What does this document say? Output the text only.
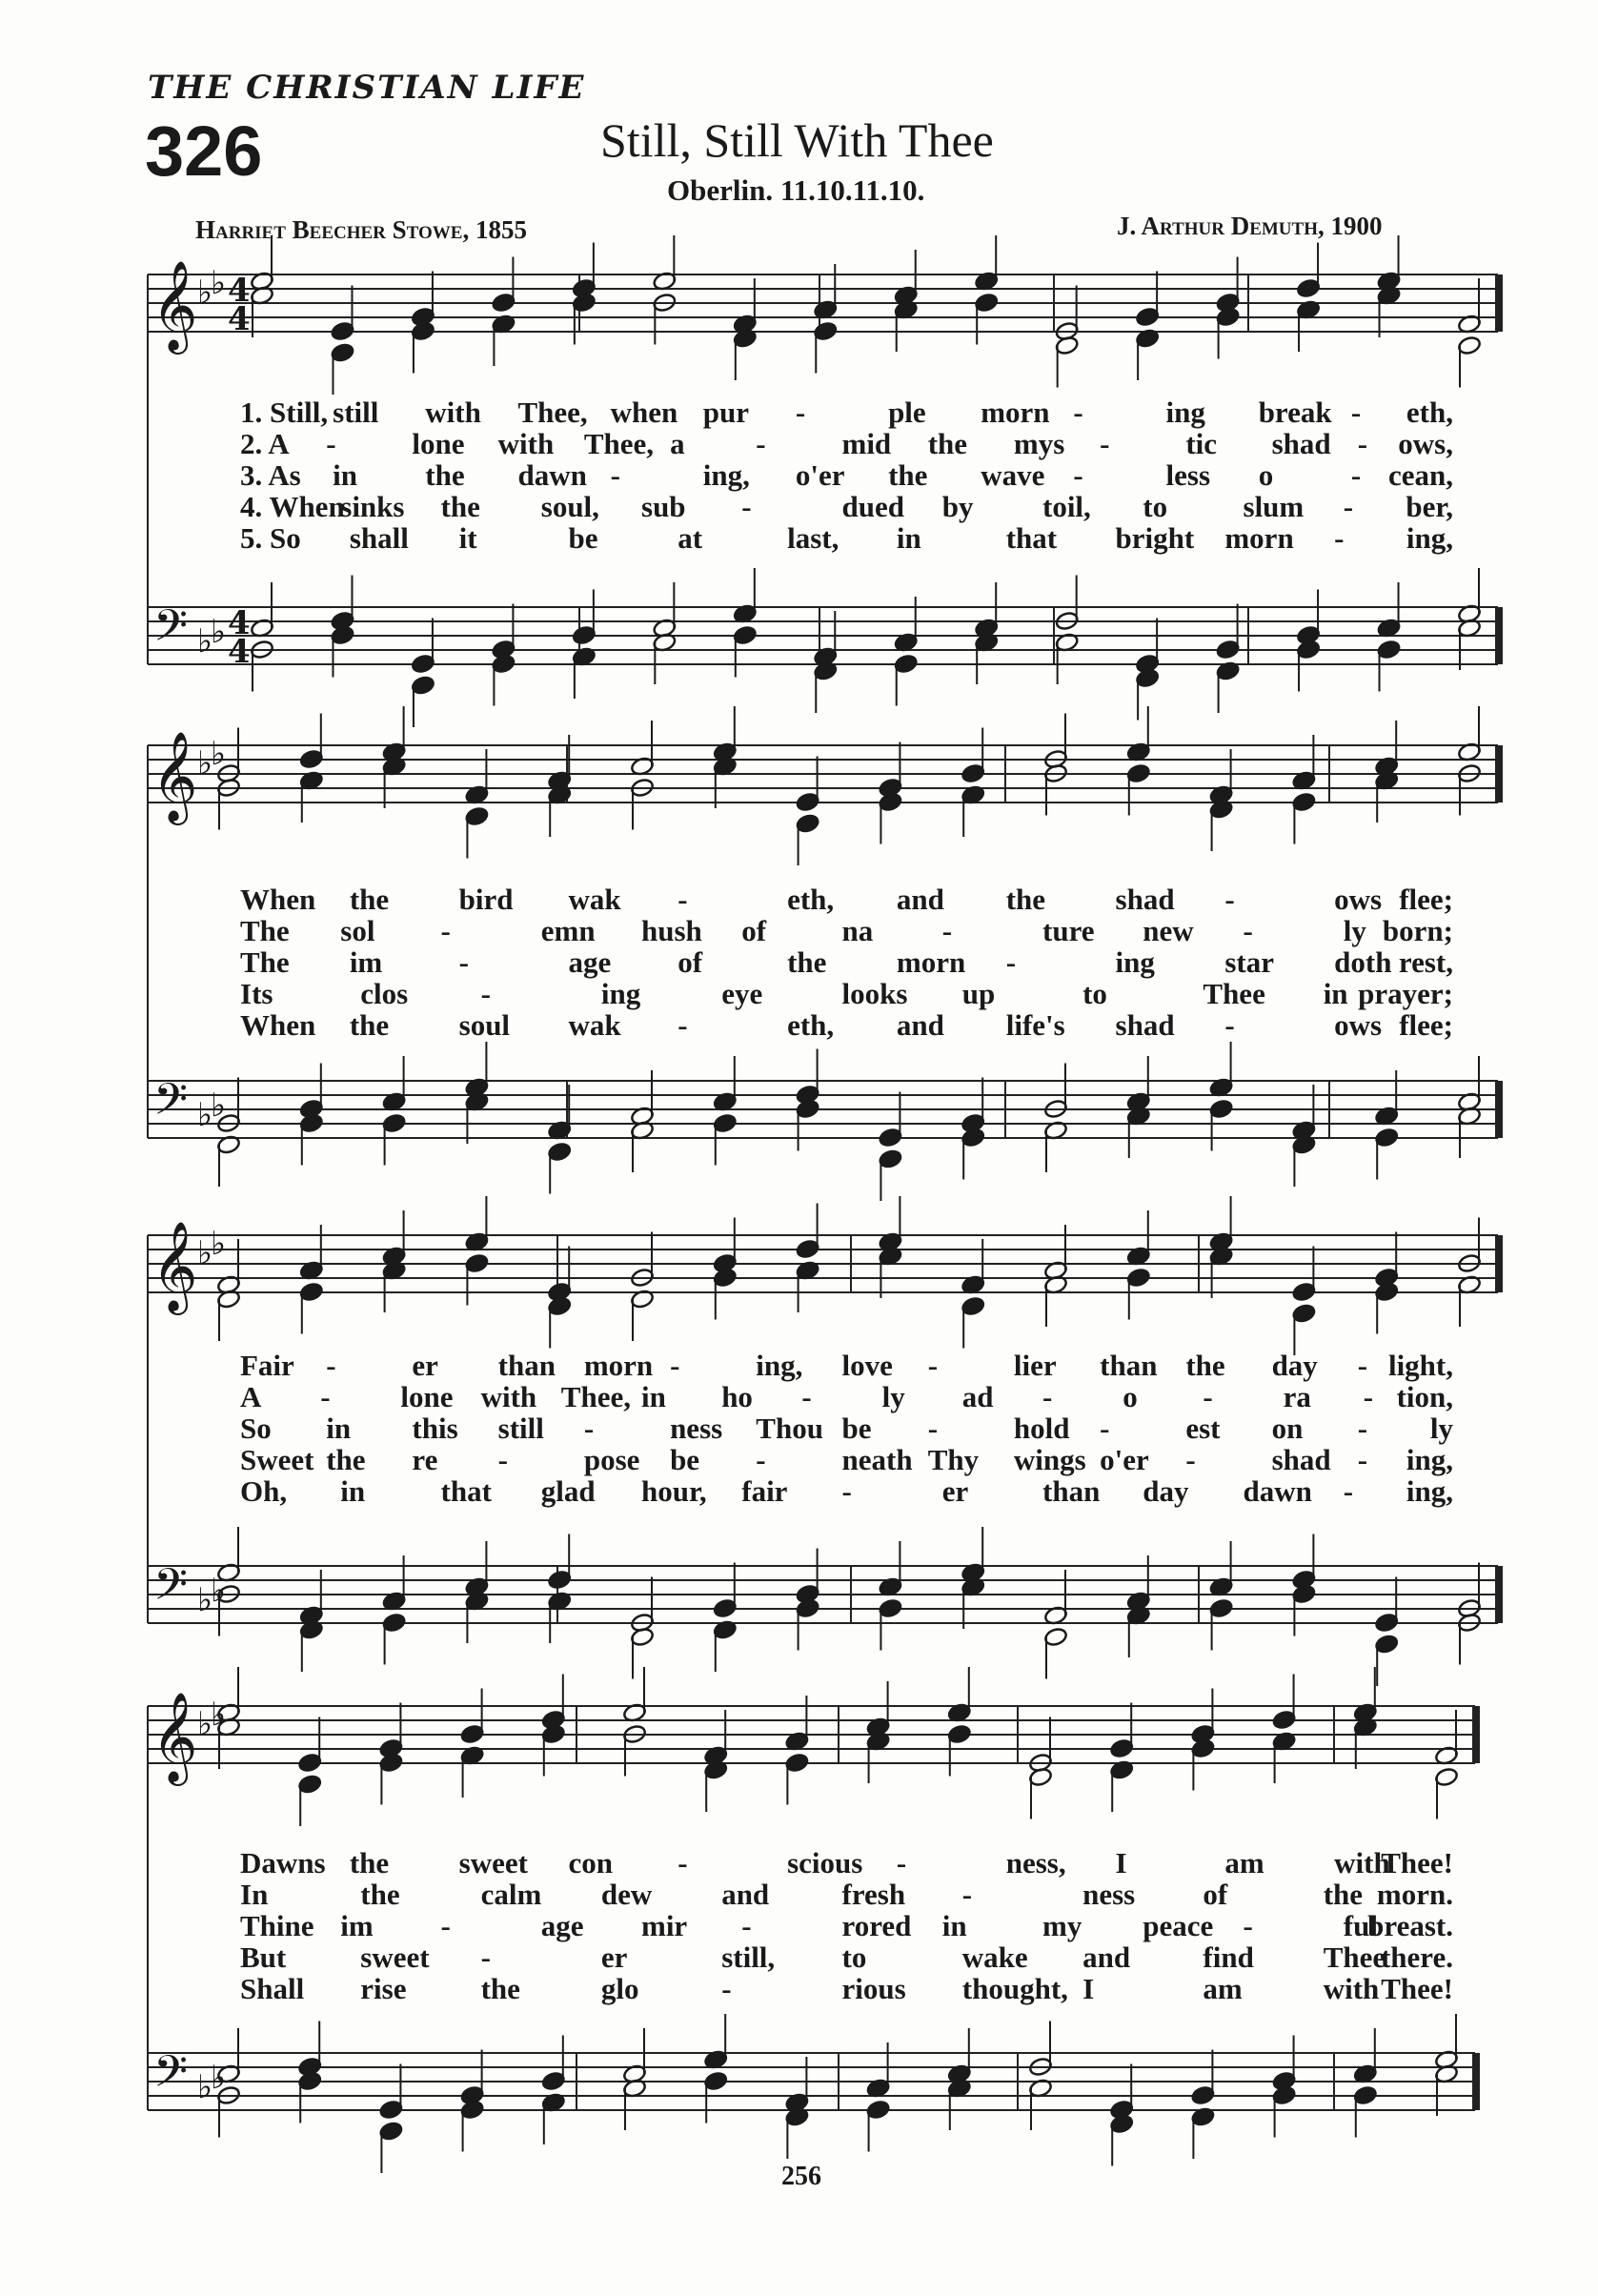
THE CHRISTIAN LIFE
326	Still, Still With Thee
Oberlin. 11.10.11.10.
Harriet Beecher Stowe, 1855	J. Arthur Demuth, 1900
𝄞 ♭
♭ 4
4
𝄢 ♭
♭ 4
4
𝄞 ♭
♭
𝄢 ♭
♭
𝄞 ♭
♭
𝄢 ♭
♭
𝄞 ♭
♭
𝄢 ♭
♭
1. Still, still with Thee, when pur -	ple morn -	ing break - eth,
2. A -	lone with Thee, a -	mid the mys -	tic shad - ows,
3. As in the dawn -	ing, o'er the wave -	less o	- cean,
4. When
sinks the soul, sub -	dued by toil, to	slum - ber,
5. So shall it	be	at	last, in	that bright morn - ing,
When the bird wak -	eth, and the shad -	ows flee;
The sol -	emn hush of	na -	ture new -	ly born;
The im	-	age of	the morn -	ing star doth rest,
Its	clos -	ing	eye	looks up	to	Thee in prayer;
When the soul wak -	eth, and life's shad -	ows flee;
Fair -	er than morn -	ing, love -	lier than the day - light,
A - lone with Thee, in ho - ly ad - o - ra - tion,
So in this still -	ness Thou be -	hold -	est on - ly
Sweet the re -	pose be -	neath Thy wings o'er -	shad - ing,
Oh, in	that glad hour, fair -	er	than day dawn - ing,
Dawns the sweet con -	scious -	ness, I	am with
Thee!
In	the	calm dew and fresh -	ness of	the morn.
Thine im -	age mir -	rored in	my peace -	ful
breast.
But	sweet -	er	still, to	wake and find Thee
there.
Shall rise	the	glo	-	rious thought, I	am	with Thee!
256
